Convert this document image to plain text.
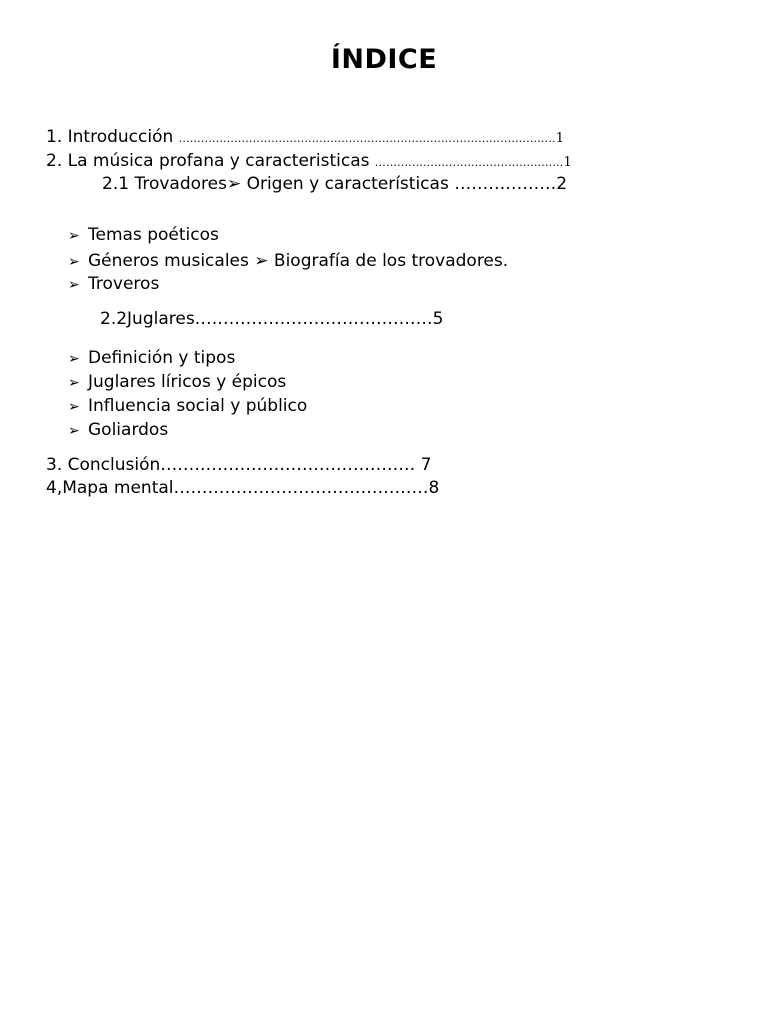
ÍNDICE
1. Introducción ......................................................................................................1
2. La música profana y caracteristicas ...................................................1
2.1 Trovadores➢ Origen y características ………………2
➢ Temas poéticos
➢ Géneros musicales ➢ Biografía de los trovadores.
➢ Troveros
2.2Juglares……………………………………5
➢ Definición y tipos
➢ Juglares líricos y épicos
➢ Influencia social y público
➢ Goliardos
3. Conclusión……………………………………… 7
4,Mapa mental………………………………………8
